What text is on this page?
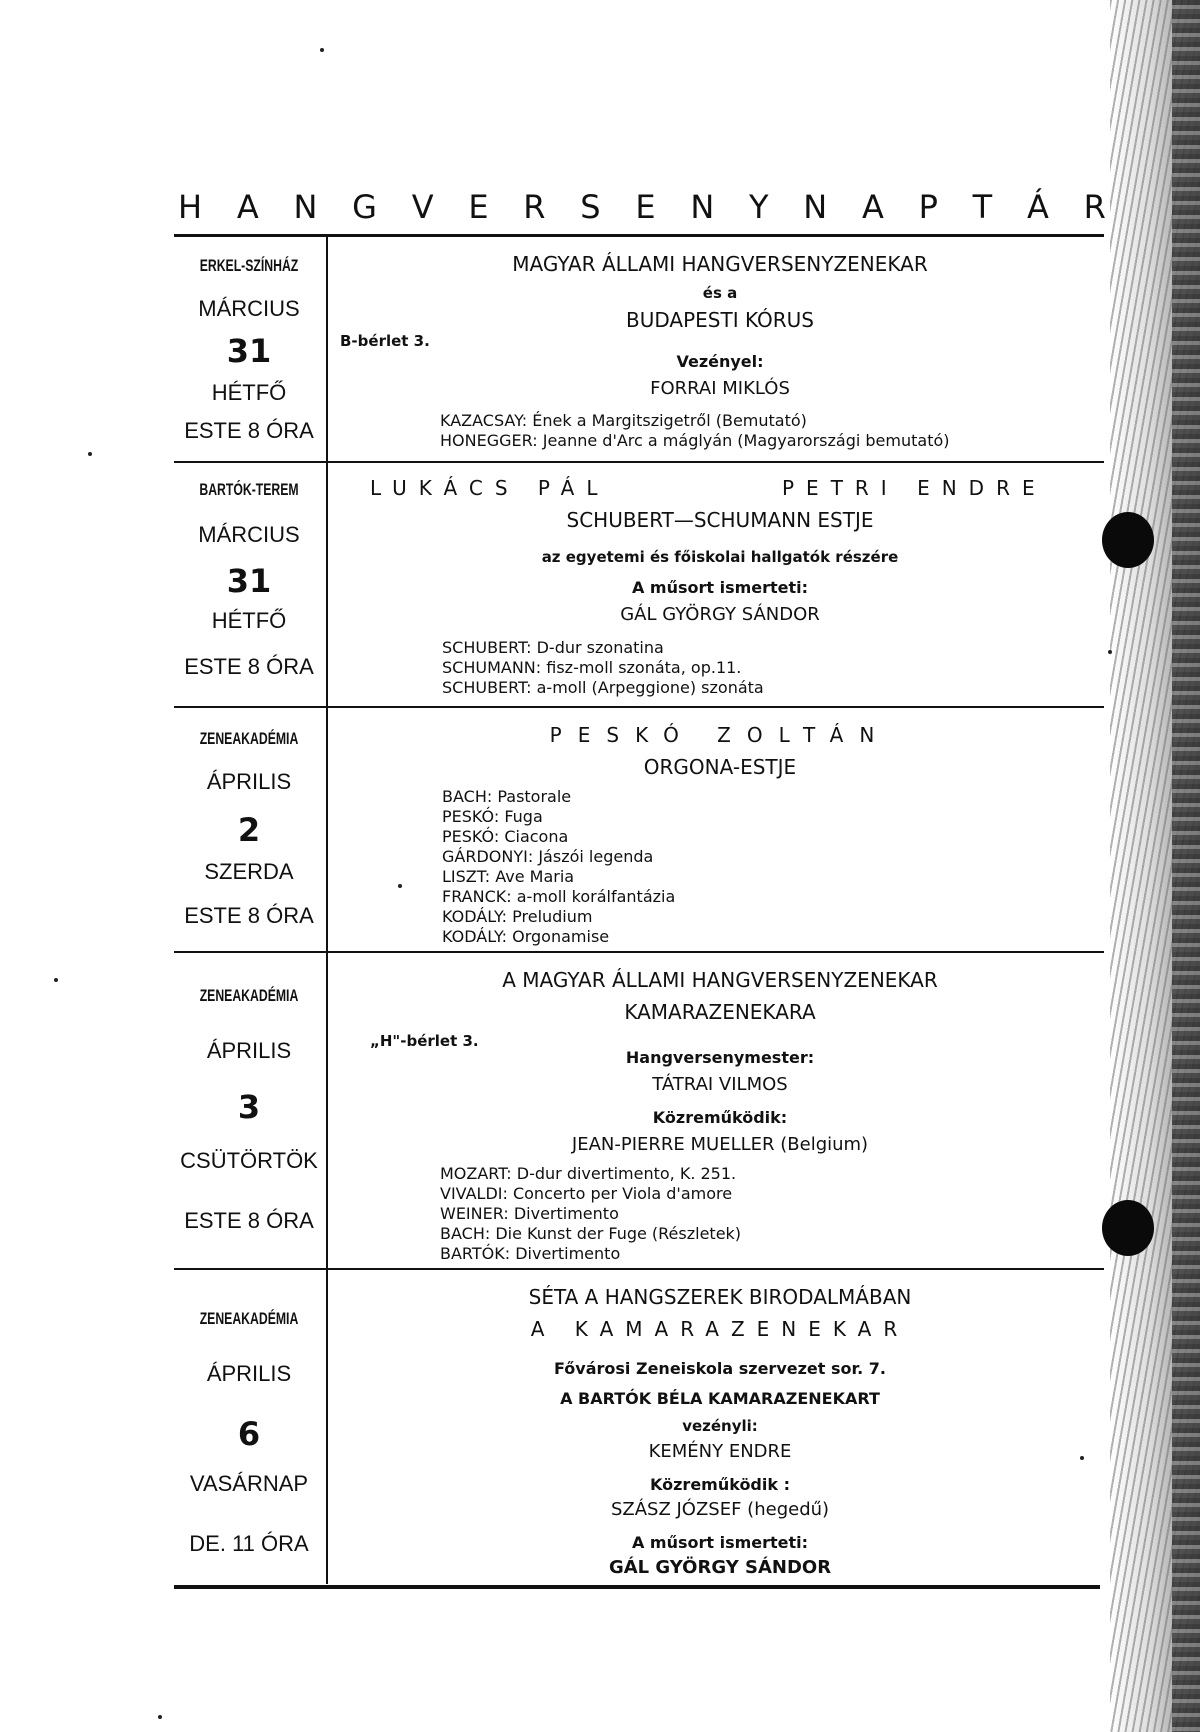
H A N G V E R S E N Y N A P T Á R
ERKEL-SZÍNHÁZ
MÁRCIUS
31
HÉTFŐ
ESTE 8 ÓRA
MAGYAR ÁLLAMI HANGVERSENYZENEKAR
és a
BUDAPESTI KÓRUS
B-bérlet 3.
Vezényel:
FORRAI MIKLÓS
KAZACSAY: Ének a Margitszigetről (Bemutató)
HONEGGER: Jeanne d'Arc a máglyán (Magyarországi bemutató)
BARTÓK-TEREM
MÁRCIUS
31
HÉTFŐ
ESTE 8 ÓRA
LUKÁCS PÁL	PETRI ENDRE
SCHUBERT—SCHUMANN ESTJE
az egyetemi és főiskolai hallgatók részére
A műsort ismerteti:
GÁL GYÖRGY SÁNDOR
SCHUBERT: D-dur szonatina
SCHUMANN: fisz-moll szonáta, op.11.
SCHUBERT: a-moll (Arpeggione) szonáta
ZENEAKADÉMIA
ÁPRILIS
2
SZERDA
ESTE 8 ÓRA
PESKÓ ZOLTÁN
ORGONA-ESTJE
BACH: Pastorale
PESKÓ: Fuga
PESKÓ: Ciacona
GÁRDONYI: Jászói legenda
LISZT: Ave Maria
FRANCK: a-moll korálfantázia
KODÁLY: Preludium
KODÁLY: Orgonamise
ZENEAKADÉMIA
ÁPRILIS
3
CSÜTÖRTÖK
ESTE 8 ÓRA
A MAGYAR ÁLLAMI HANGVERSENYZENEKAR
KAMARAZENEKARA
„H"-bérlet 3.
Hangversenymester:
TÁTRAI VILMOS
Közreműködik:
JEAN-PIERRE MUELLER (Belgium)
MOZART: D-dur divertimento, K. 251.
VIVALDI: Concerto per Viola d'amore
WEINER: Divertimento
BACH: Die Kunst der Fuge (Részletek)
BARTÓK: Divertimento
ZENEAKADÉMIA
ÁPRILIS
6
VASÁRNAP
DE. 11 ÓRA
SÉTA A HANGSZEREK BIRODALMÁBAN
A KAMARAZENEKAR
Fővárosi Zeneiskola szervezet sor. 7.
A BARTÓK BÉLA KAMARAZENEKART
vezényli:
KEMÉNY ENDRE
Közreműködik :
SZÁSZ JÓZSEF (hegedű)
A műsort ismerteti:
GÁL GYÖRGY SÁNDOR
